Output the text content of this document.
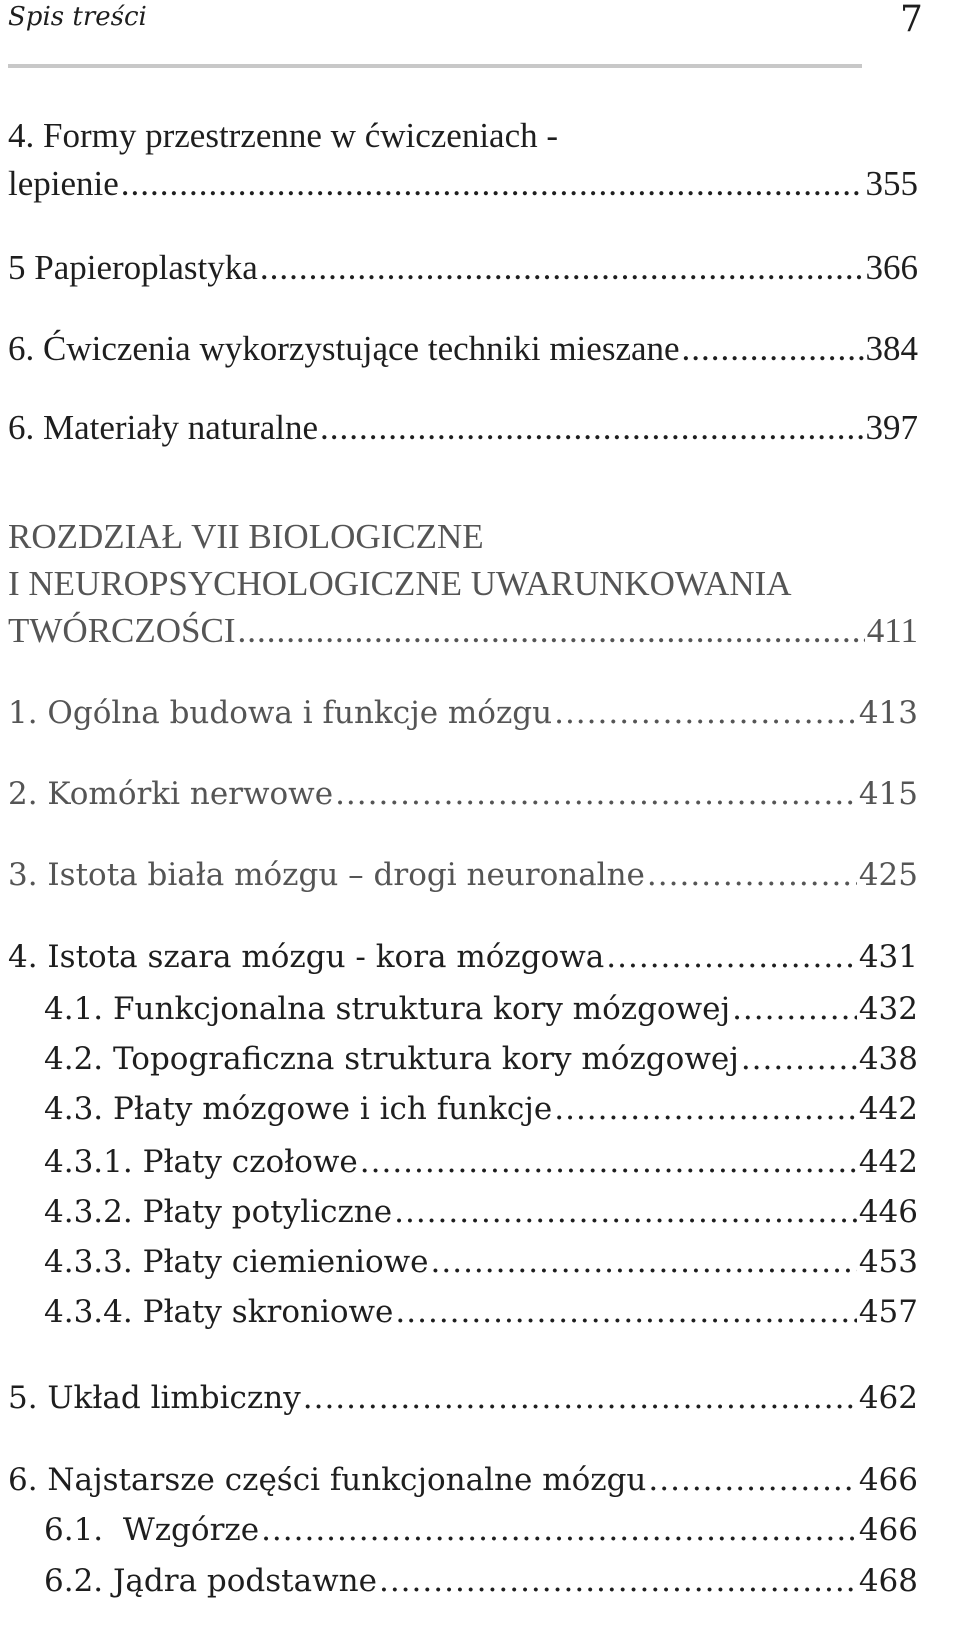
Spis treści	7
4. Formy przestrzenne w ćwiczeniach -
lepienie .....	355
5 Papieroplastyka .....	366
6. Ćwiczenia wykorzystujące techniki mieszane .....	384
6. Materiały naturalne .....	397
ROZDZIAŁ VII BIOLOGICZNE
I NEUROPSYCHOLOGICZNE UWARUNKOWANIA
TWÓRCZOŚCI .....	411
1. Ogólna budowa i funkcje mózgu .....	413
2. Komórki nerwowe .....	415
3. Istota biała mózgu – drogi neuronalne .....	425
4. Istota szara mózgu - kora mózgowa .....	431
4.1. Funkcjonalna struktura kory mózgowej .....	432
4.2. Topograficzna struktura kory mózgowej .....	438
4.3. Płaty mózgowe i ich funkcje .....	442
4.3.1. Płaty czołowe .....	442
4.3.2. Płaty potyliczne .....	446
4.3.3. Płaty ciemieniowe .....	453
4.3.4. Płaty skroniowe .....	457
5. Układ limbiczny .....	462
6. Najstarsze części funkcjonalne mózgu .....	466
6.1.  Wzgórze .....	466
6.2. Jądra podstawne .....	468
